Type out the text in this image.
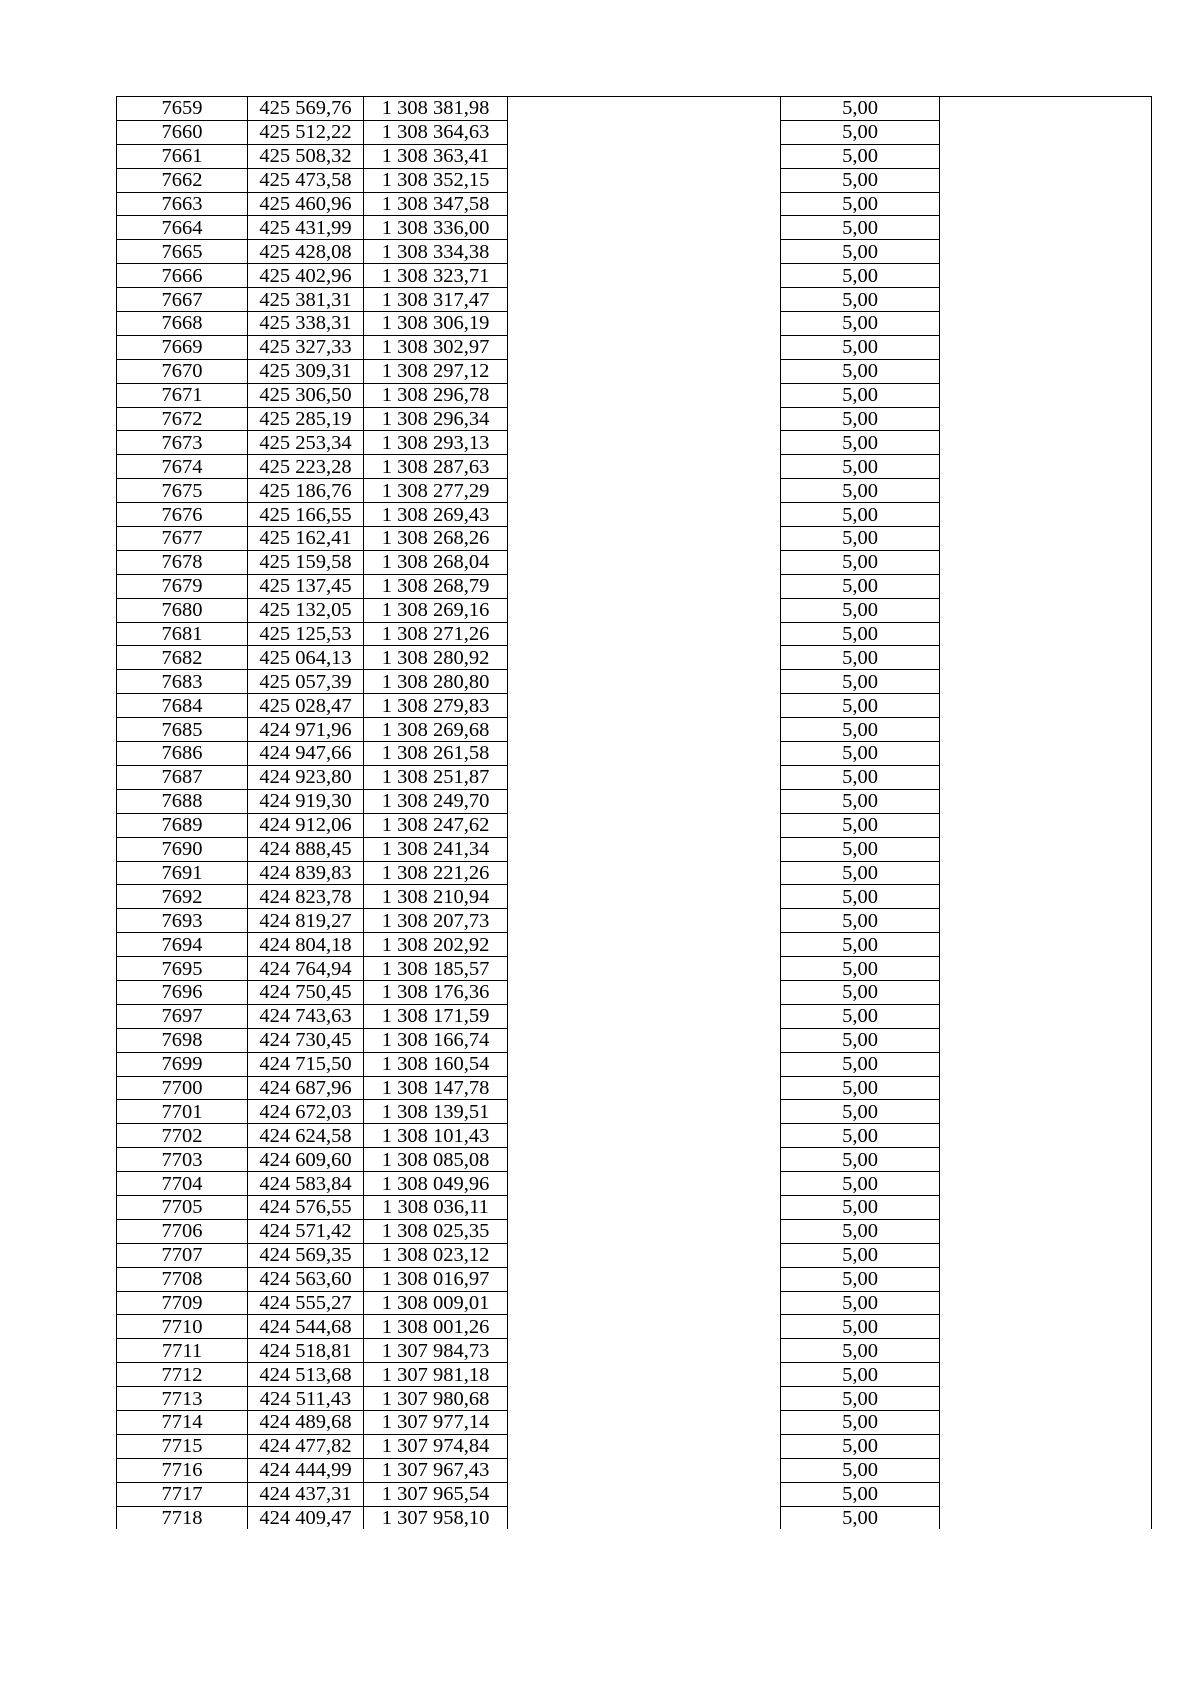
7659	425 569,76	1 308 381,98		5,00	
7660	425 512,22	1 308 364,63		5,00	
7661	425 508,32	1 308 363,41		5,00	
7662	425 473,58	1 308 352,15		5,00	
7663	425 460,96	1 308 347,58		5,00	
7664	425 431,99	1 308 336,00		5,00	
7665	425 428,08	1 308 334,38		5,00	
7666	425 402,96	1 308 323,71		5,00	
7667	425 381,31	1 308 317,47		5,00	
7668	425 338,31	1 308 306,19		5,00	
7669	425 327,33	1 308 302,97		5,00	
7670	425 309,31	1 308 297,12		5,00	
7671	425 306,50	1 308 296,78		5,00	
7672	425 285,19	1 308 296,34		5,00	
7673	425 253,34	1 308 293,13		5,00	
7674	425 223,28	1 308 287,63		5,00	
7675	425 186,76	1 308 277,29		5,00	
7676	425 166,55	1 308 269,43		5,00	
7677	425 162,41	1 308 268,26		5,00	
7678	425 159,58	1 308 268,04		5,00	
7679	425 137,45	1 308 268,79		5,00	
7680	425 132,05	1 308 269,16		5,00	
7681	425 125,53	1 308 271,26		5,00	
7682	425 064,13	1 308 280,92		5,00	
7683	425 057,39	1 308 280,80		5,00	
7684	425 028,47	1 308 279,83		5,00	
7685	424 971,96	1 308 269,68		5,00	
7686	424 947,66	1 308 261,58		5,00	
7687	424 923,80	1 308 251,87		5,00	
7688	424 919,30	1 308 249,70		5,00	
7689	424 912,06	1 308 247,62		5,00	
7690	424 888,45	1 308 241,34		5,00	
7691	424 839,83	1 308 221,26		5,00	
7692	424 823,78	1 308 210,94		5,00	
7693	424 819,27	1 308 207,73		5,00	
7694	424 804,18	1 308 202,92		5,00	
7695	424 764,94	1 308 185,57		5,00	
7696	424 750,45	1 308 176,36		5,00	
7697	424 743,63	1 308 171,59		5,00	
7698	424 730,45	1 308 166,74		5,00	
7699	424 715,50	1 308 160,54		5,00	
7700	424 687,96	1 308 147,78		5,00	
7701	424 672,03	1 308 139,51		5,00	
7702	424 624,58	1 308 101,43		5,00	
7703	424 609,60	1 308 085,08		5,00	
7704	424 583,84	1 308 049,96		5,00	
7705	424 576,55	1 308 036,11		5,00	
7706	424 571,42	1 308 025,35		5,00	
7707	424 569,35	1 308 023,12		5,00	
7708	424 563,60	1 308 016,97		5,00	
7709	424 555,27	1 308 009,01		5,00	
7710	424 544,68	1 308 001,26		5,00	
7711	424 518,81	1 307 984,73		5,00	
7712	424 513,68	1 307 981,18		5,00	
7713	424 511,43	1 307 980,68		5,00	
7714	424 489,68	1 307 977,14		5,00	
7715	424 477,82	1 307 974,84		5,00	
7716	424 444,99	1 307 967,43		5,00	
7717	424 437,31	1 307 965,54		5,00	
7718	424 409,47	1 307 958,10		5,00	
